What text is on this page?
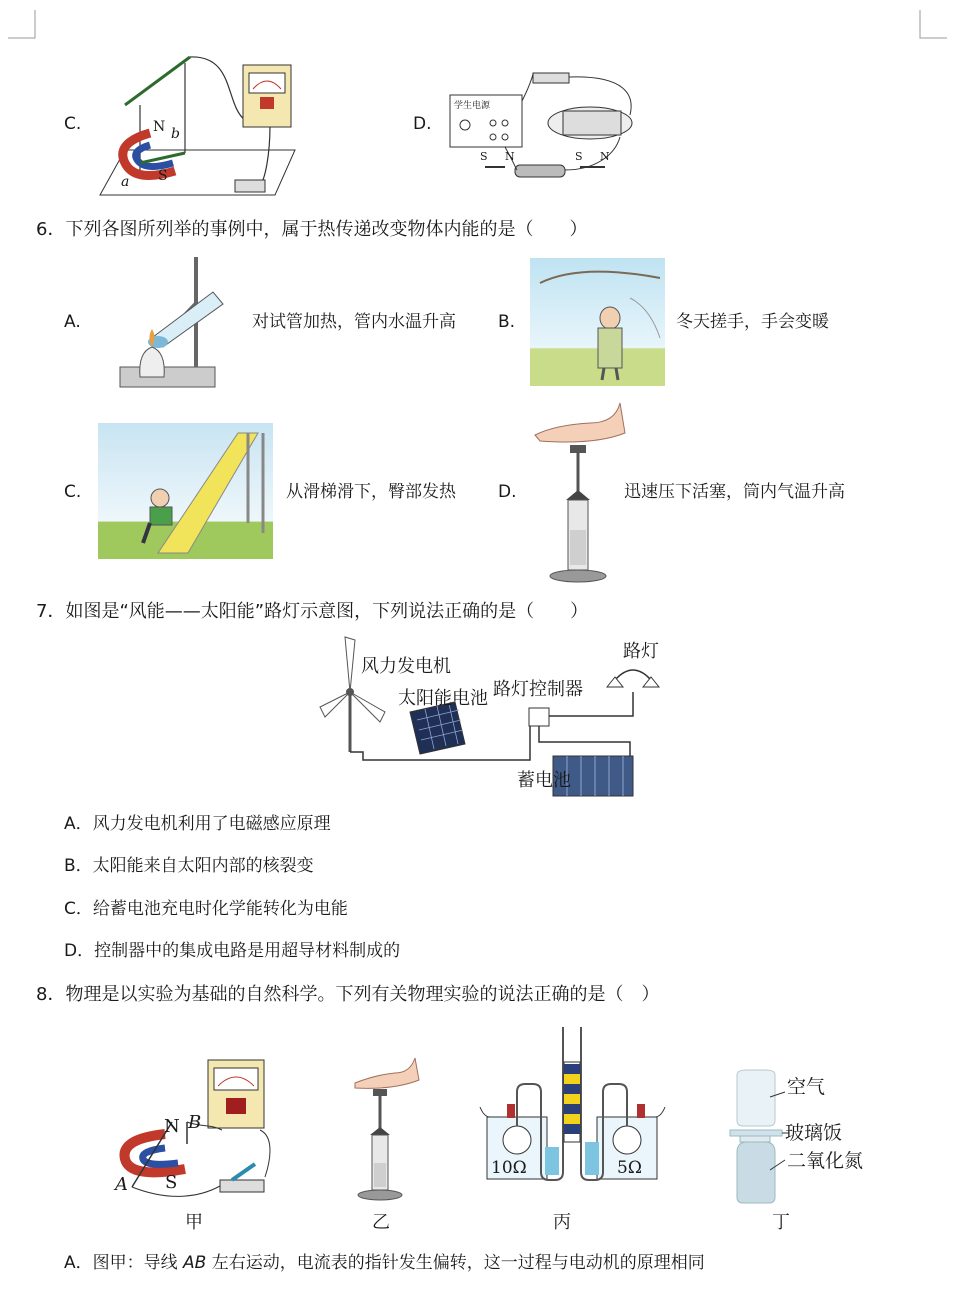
C.	N b
S
a
D.
学生电源
S N	S N
6．下列各图所列举的事例中，属于热传递改变物体内能的是（　　）
A.	对试管加热，管内水温升高 B.	冬天搓手，手会变暖
C.	从滑梯滑下，臀部发热 D.	迅速压下活塞，筒内气温升高
7．如图是“风能——太阳能”路灯示意图，下列说法正确的是（　　）
风力发电机
太阳能电池 路灯控制器
路灯
蓄电池
A．风力发电机利用了电磁感应原理
B．太阳能来自太阳内部的核裂变
C．给蓄电池充电时化学能转化为电能
D．控制器中的集成电路是用超导材料制成的
8．物理是以实验为基础的自然科学。下列有关物理实验的说法正确的是（　）
N B
A S
甲	乙
10Ω	5Ω
丙
空气
玻璃饭
二氧化氮
丁
A．图甲：导线 AB 左右运动，电流表的指针发生偏转，这一过程与电动机的原理相同
